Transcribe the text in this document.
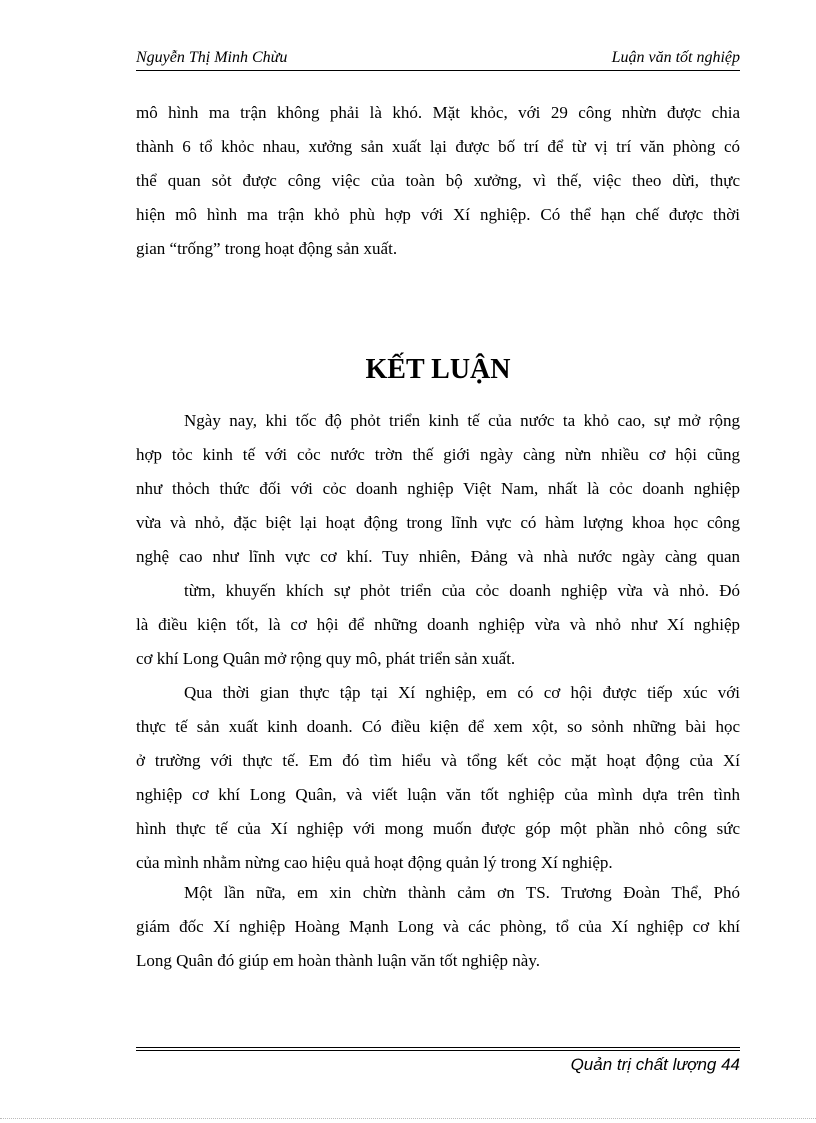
Nguyễn Thị Minh Chừu	Luận văn tốt nghiệp

mô hình ma trận không phải là khó. Mặt khỏc, với 29 công nhừn được chia
thành 6 tổ khỏc nhau, xưởng sản xuất lại được bố trí để từ vị trí văn phòng có
thể quan sỏt được công việc của toàn bộ xưởng, vì thế, việc theo dừi, thực
hiện mô hình ma trận khỏ phù hợp với Xí nghiệp. Có thể hạn chế được thời
gian “trống” trong hoạt động sản xuất.

KẾT LUẬN

Ngày nay, khi tốc độ phỏt triển kinh tế của nước ta khỏ cao, sự mở rộng
hợp tỏc kinh tế với cỏc nước trờn thế giới ngày càng nừn nhiều cơ hội cũng
như thỏch thức đối với cỏc doanh nghiệp Việt Nam, nhất là cỏc doanh nghiệp
vừa và nhỏ, đặc biệt lại hoạt động trong lĩnh vực có hàm lượng khoa học công
nghệ cao như lĩnh vực cơ khí. Tuy nhiên, Đảng và nhà nước ngày càng quan

từm, khuyến khích sự phỏt triển của cỏc doanh nghiệp vừa và nhỏ. Đó
là điều kiện tốt, là cơ hội để những doanh nghiệp vừa và nhỏ như Xí nghiệp
cơ khí Long Quân mở rộng quy mô, phát triển sản xuất.

Qua thời gian thực tập tại Xí nghiệp, em có cơ hội được tiếp xúc với
thực tế sản xuất kinh doanh. Có điều kiện để xem xột, so sỏnh những bài học
ở trường với thực tế. Em đó tìm hiểu và tổng kết cỏc mặt hoạt động của Xí
nghiệp cơ khí Long Quân, và viết luận văn tốt nghiệp của mình dựa trên tình
hình thực tế của Xí nghiệp với mong muốn được góp một phần nhỏ công sức
của mình nhằm nừng cao hiệu quả hoạt động quản lý trong Xí nghiệp.

Một lần nữa, em xin chừn thành cảm ơn TS. Trương Đoàn Thể, Phó
giám đốc Xí nghiệp Hoàng Mạnh Long và các phòng, tổ của Xí nghiệp cơ khí
Long Quân đó giúp em hoàn thành luận văn tốt nghiệp này.

Quản trị chất lượng 44
